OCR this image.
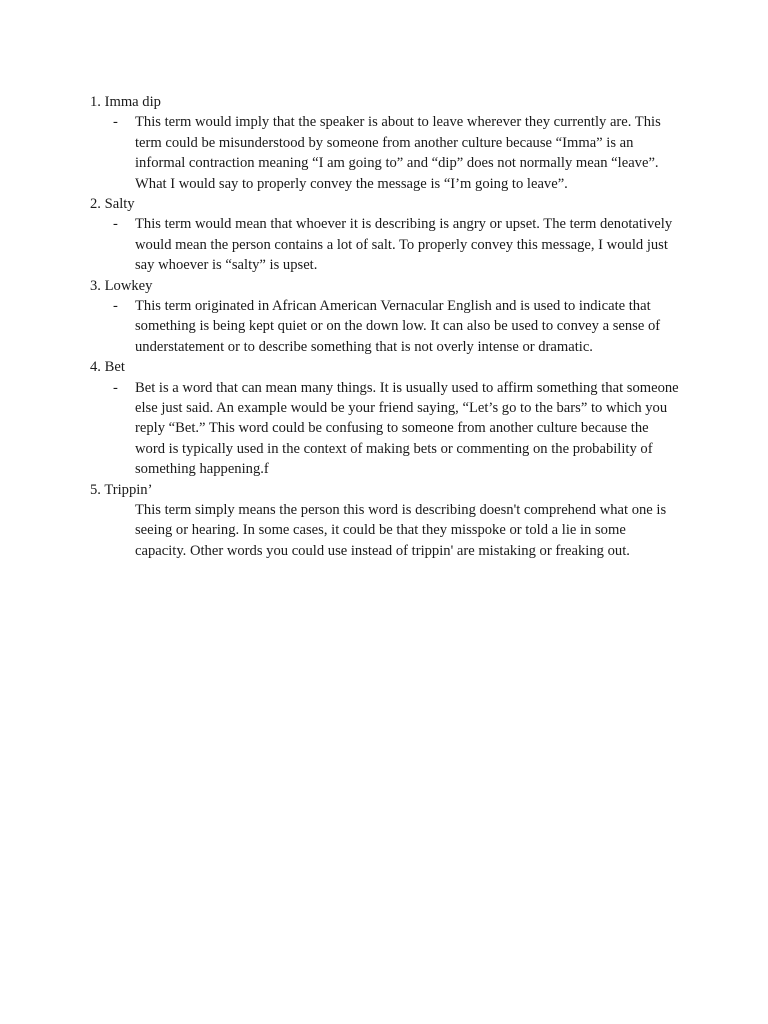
1. Imma dip
- This term would imply that the speaker is about to leave wherever they currently are. This term could be misunderstood by someone from another culture because “Imma” is an informal contraction meaning “I am going to” and “dip” does not normally mean “leave”. What I would say to properly convey the message is “I’m going to leave”.
2. Salty
- This term would mean that whoever it is describing is angry or upset. The term denotatively would mean the person contains a lot of salt. To properly convey this message, I would just say whoever is “salty” is upset.
3. Lowkey
- This term originated in African American Vernacular English and is used to indicate that something is being kept quiet or on the down low. It can also be used to convey a sense of understatement or to describe something that is not overly intense or dramatic.
4. Bet
- Bet is a word that can mean many things. It is usually used to affirm something that someone else just said. An example would be your friend saying, “Let’s go to the bars” to which you reply “Bet.” This word could be confusing to someone from another culture because the word is typically used in the context of making bets or commenting on the probability of something happening.f
5. Trippin’
This term simply means the person this word is describing doesn't comprehend what one is seeing or hearing. In some cases, it could be that they misspoke or told a lie in some capacity. Other words you could use instead of trippin' are mistaking or freaking out.
